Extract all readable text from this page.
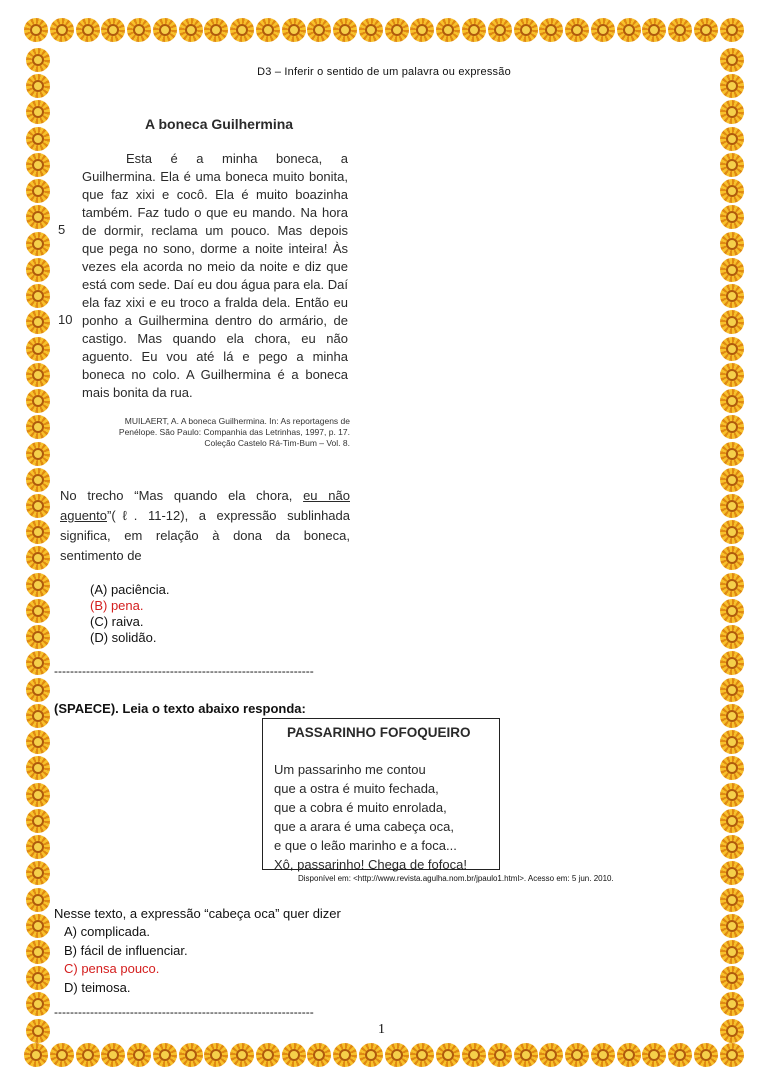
D3 – Inferir o sentido de um palavra ou expressão
A boneca Guilhermina

Esta é a minha boneca, a Guilhermina. Ela é uma boneca muito bonita, que faz xixi e cocô. Ela é muito boazinha também. Faz tudo o que eu mando. Na hora de dormir, reclama um pouco. Mas depois que pega no sono, dorme a noite inteira! Às vezes ela acorda no meio da noite e diz que está com sede. Daí eu dou água para ela. Daí ela faz xixi e eu troco a fralda dela. Então eu ponho a Guilhermina dentro do armário, de castigo. Mas quando ela chora, eu não aguento. Eu vou até lá e pego a minha boneca no colo. A Guilhermina é a boneca mais bonita da rua.

5
10
MUILAERT, A. A boneca Guilhermina. In: As reportagens de Penélope. São Paulo: Companhia das Letrinhas, 1997, p. 17. Coleção Castelo Rá-Tim-Bum – Vol. 8.
No trecho “Mas quando ela chora, eu não aguento”(ℓ. 11-12), a expressão sublinhada significa, em relação à dona da boneca, sentimento de
(A) paciência.
(B) pena.
(C) raiva.
(D) solidão.
-----------------------------------------------------------------
(SPAECE). Leia o texto abaixo responda:
PASSARINHO FOFOQUEIRO
Um passarinho me contou
que a ostra é muito fechada,
que a cobra é muito enrolada,
que a arara é uma cabeça oca,
e que o leão marinho e a foca...
Xô, passarinho! Chega de fofoca!
Disponível em: <http://www.revista.agulha.nom.br/jpaulo1.html>. Acesso em: 5 jun. 2010.
Nesse texto, a expressão “cabeça oca” quer dizer
A) complicada.
B) fácil de influenciar.
C) pensa pouco.
D) teimosa.
-----------------------------------------------------------------
1
